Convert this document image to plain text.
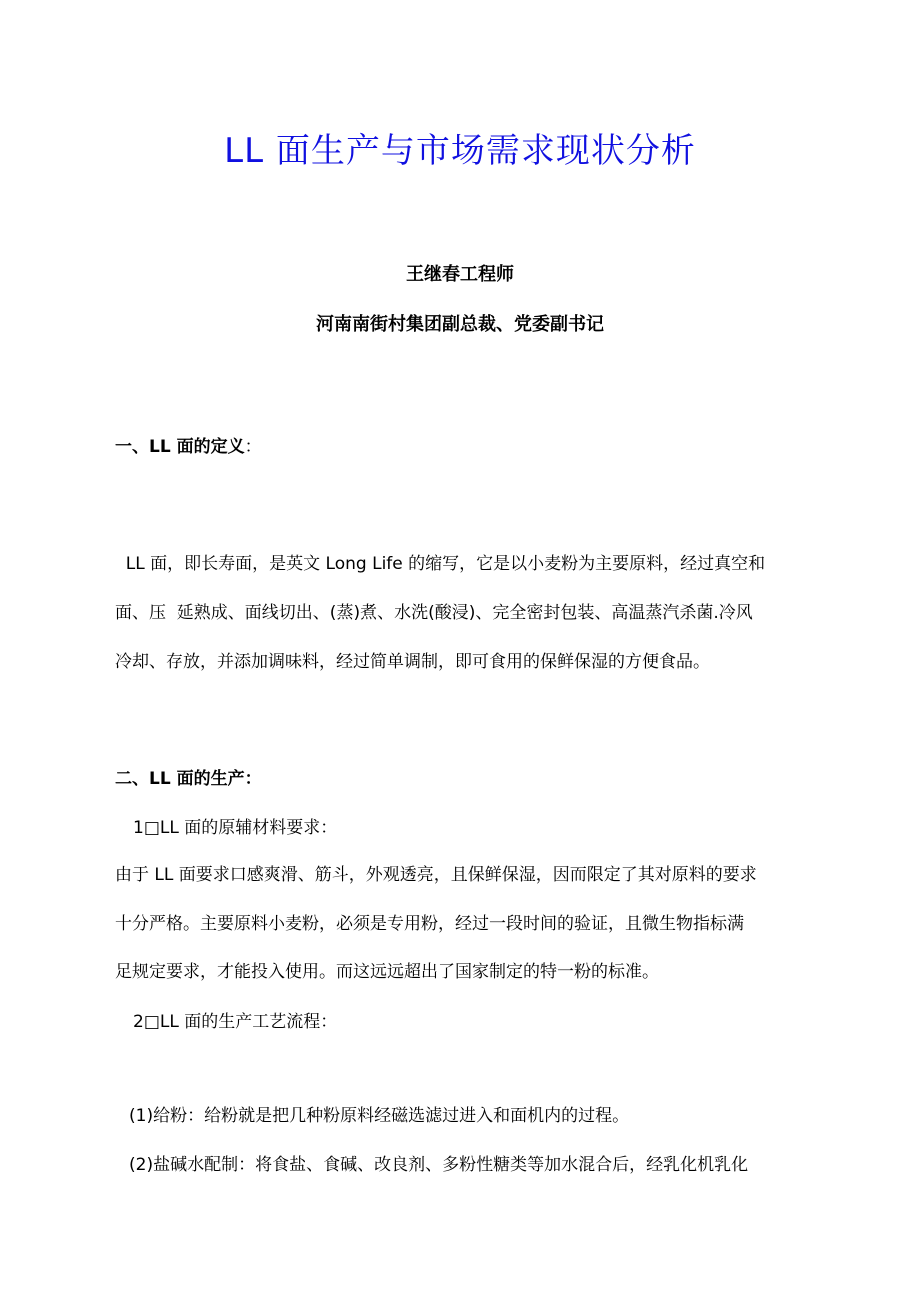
LL 面生产与市场需求现状分析
王继春工程师
河南南街村集团副总裁、党委副书记
一、LL 面的定义：
LL 面，即长寿面，是英文 Long Life 的缩写，它是以小麦粉为主要原料，经过真空和
面、压  延熟成、面线切出、(蒸)煮、水洗(酸浸)、完全密封包装、高温蒸汽杀菌.冷风
冷却、存放，并添加调味料，经过简单调制，即可食用的保鲜保湿的方便食品。
二、LL 面的生产：
1□LL 面的原辅材料要求：
由于 LL 面要求口感爽滑、筋斗，外观透亮，且保鲜保湿，因而限定了其对原料的要求
十分严格。主要原料小麦粉，必须是专用粉，经过一段时间的验证，且微生物指标满
足规定要求，才能投入使用。而这远远超出了国家制定的特一粉的标准。
2□LL 面的生产工艺流程：
(1)给粉：给粉就是把几种粉原料经磁选滤过进入和面机内的过程。
(2)盐碱水配制：将食盐、食碱、改良剂、多粉性糖类等加水混合后，经乳化机乳化
